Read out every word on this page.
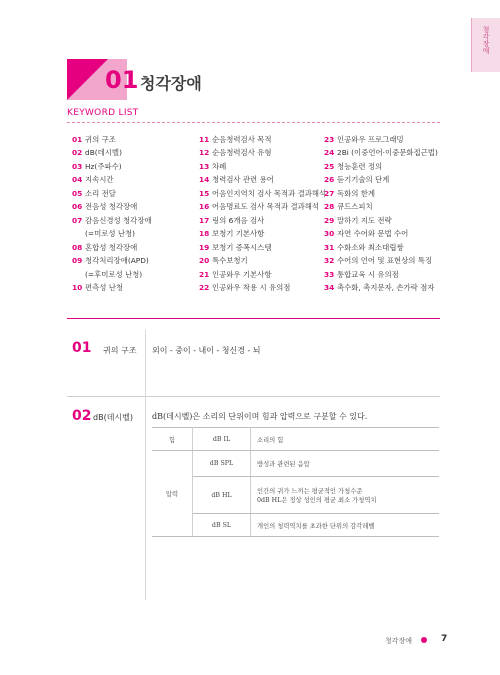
청각장애
01 청각장애
KEYWORD LIST
01 귀의 구조
02 dB(데시벨)
03 Hz(주파수)
04 지속시간
05 소리 전달
06 전음성 청각장애
07 감음신경성 청각장애
(=미로성 난청)
08 혼합성 청각장애
09 청각처리장애(APD)
(=후미로성 난청)
10 편측성 난청
11 순음청력검사 목적
12 순음청력검사 유형
13 차폐
14 청력검사 관련 용어
15 어음인지역치 검사 목적과 결과해석
16 어음명료도 검사 목적과 결과해석
17 링의 6개음 검사
18 보청기 기본사항
19 보청기 증폭시스템
20 특수보청기
21 인공와우 기본사항
22 인공와우 착용 시 유의점
23 인공와우 프로그래밍
24 2Bi (이중언어·이중문화접근법)
25 청능훈련 정의
26 듣기기술의 단계
27 독화의 한계
28 큐드스피치
29 말하기 지도 전략
30 자연 수어와 문법 수어
31 수화소와 최소대립쌍
32 수어의 언어 및 표현상의 특징
33 통합교육 시 유의점
34 촉수화, 촉지문자, 손가락 점자
01 귀의 구조 외이 - 중이 - 내이 - 청신경 - 뇌
02 dB(데시벨) dB(데시벨)은 소리의 단위이며 힘과 압력으로 구분할 수 있다.
힘	dB IL	소리의 힘
압력	dB SPL	방성과 관련된 음압
	dB HL	인간의 귀가 느끼는 평균적인 가청수준
0dB HL은 정상 성인의 평균 최소 가청역치

	dB SL	개인의 청력역치를 초과한 단위의 감각레벨
청각장애	7
